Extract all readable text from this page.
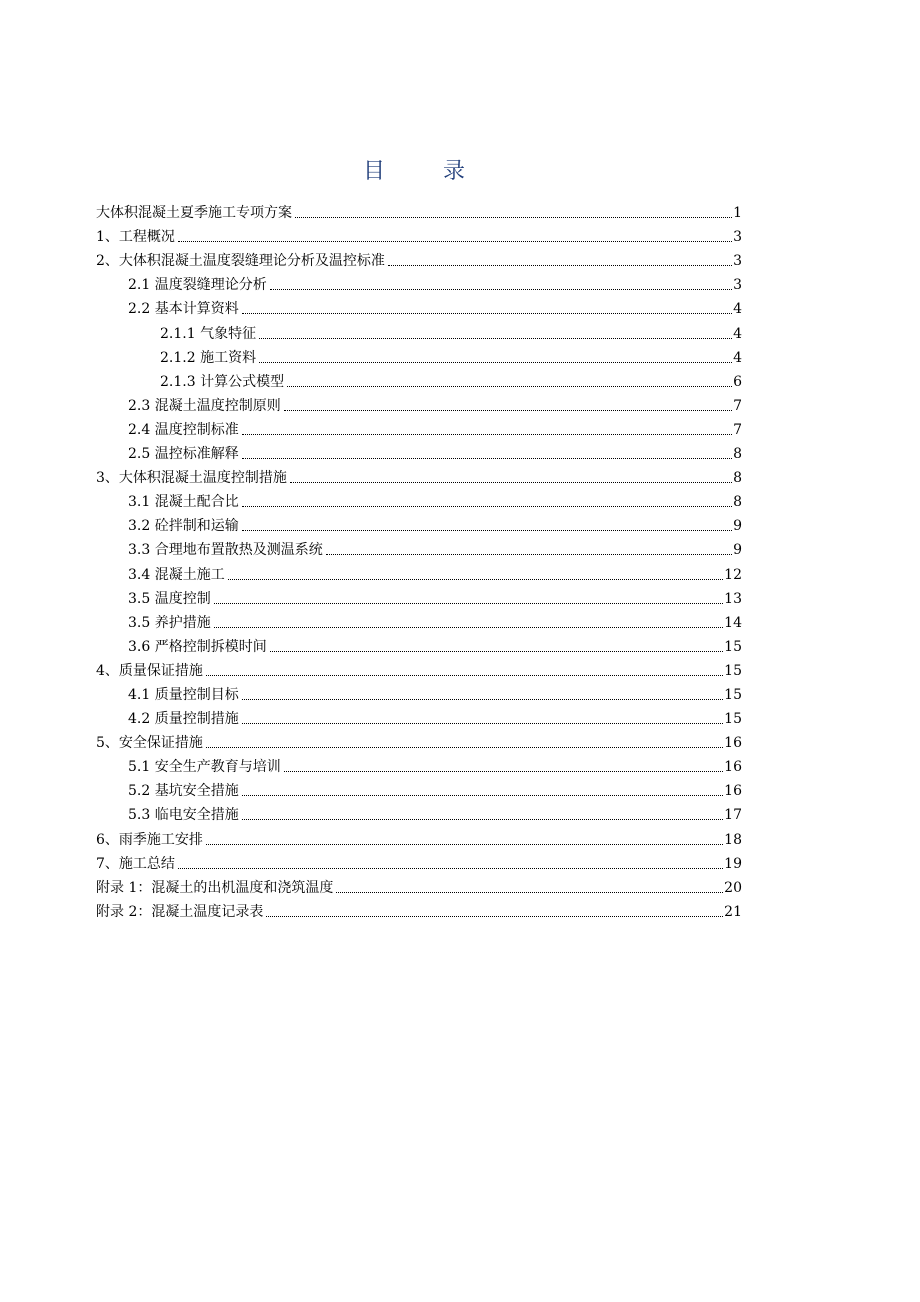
目	录
大体积混凝土夏季施工专项方案	1
1、工程概况	3
2、大体积混凝土温度裂缝理论分析及温控标准	3
2.1 温度裂缝理论分析	3
2.2 基本计算资料	4
2.1.1 气象特征	4
2.1.2 施工资料	4
2.1.3 计算公式模型	6
2.3 混凝土温度控制原则	7
2.4 温度控制标准	7
2.5 温控标准解释	8
3、大体积混凝土温度控制措施	8
3.1 混凝土配合比	8
3.2 砼拌制和运输	9
3.3 合理地布置散热及测温系统	9
3.4 混凝土施工	12
3.5 温度控制	13
3.5 养护措施	14
3.6 严格控制拆模时间	15
4、质量保证措施	15
4.1 质量控制目标	15
4.2 质量控制措施	15
5、安全保证措施	16
5.1 安全生产教育与培训	16
5.2 基坑安全措施	16
5.3 临电安全措施	17
6、雨季施工安排	18
7、施工总结	19
附录 1：混凝土的出机温度和浇筑温度	20
附录 2：混凝土温度记录表	21
